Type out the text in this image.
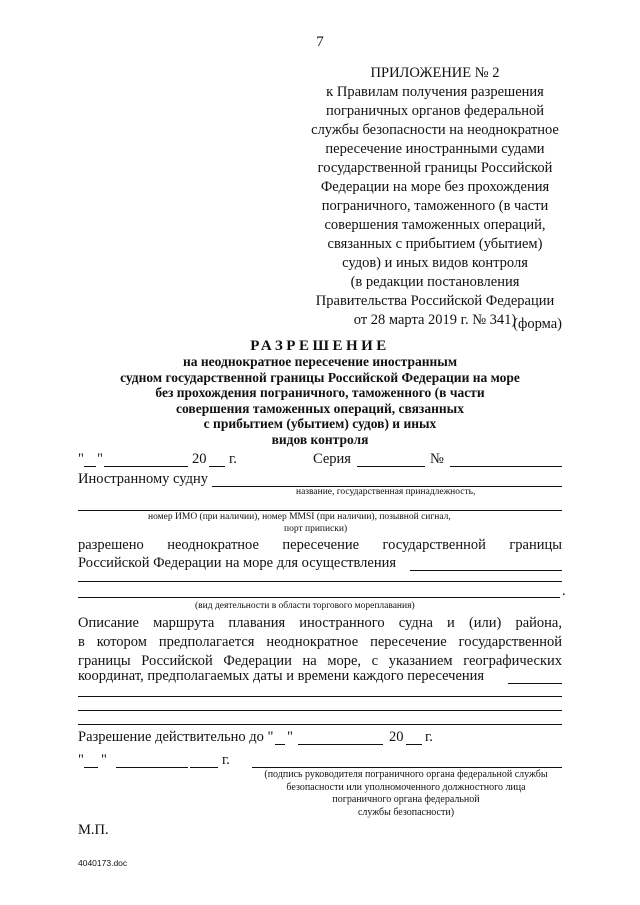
7
ПРИЛОЖЕНИЕ № 2
к Правилам получения разрешения
пограничных органов федеральной
службы безопасности на неоднократное
пересечение иностранными судами
государственной границы Российской
Федерации на море без прохождения
пограничного, таможенного (в части
совершения таможенных операций,
связанных с прибытием (убытием)
судов) и иных видов контроля
(в редакции постановления
Правительства Российской Федерации
от 28 марта 2019 г. № 341)
(форма)
РАЗРЕШЕНИЕ
на неоднократное пересечение иностранным
судном государственной границы Российской Федерации на море
без прохождения пограничного, таможенного (в части
совершения таможенных операций, связанных
с прибытием (убытием) судов) и иных
видов контроля
" "	20 г.	Серия	№
Иностранному судну
название, государственная принадлежность,
номер ИМО (при наличии), номер MMSI (при наличии), позывной сигнал,
порт приписки)
разрешено неоднократное пересечение государственной границы
Российской Федерации на море для осуществления
.
(вид деятельности в области торгового мореплавания)
Описание маршрута плавания иностранного судна и (или) района,
в котором предполагается неоднократное пересечение государственной
границы Российской Федерации на море, с указанием географических
координат, предполагаемых даты и времени каждого пересечения
Разрешение действительно до " "	20 г.
" "	г.
(подпись руководителя пограничного органа федеральной службы
безопасности или уполномоченного должностного лица
пограничного органа федеральной
службы безопасности)
М.П.
4040173.doc
